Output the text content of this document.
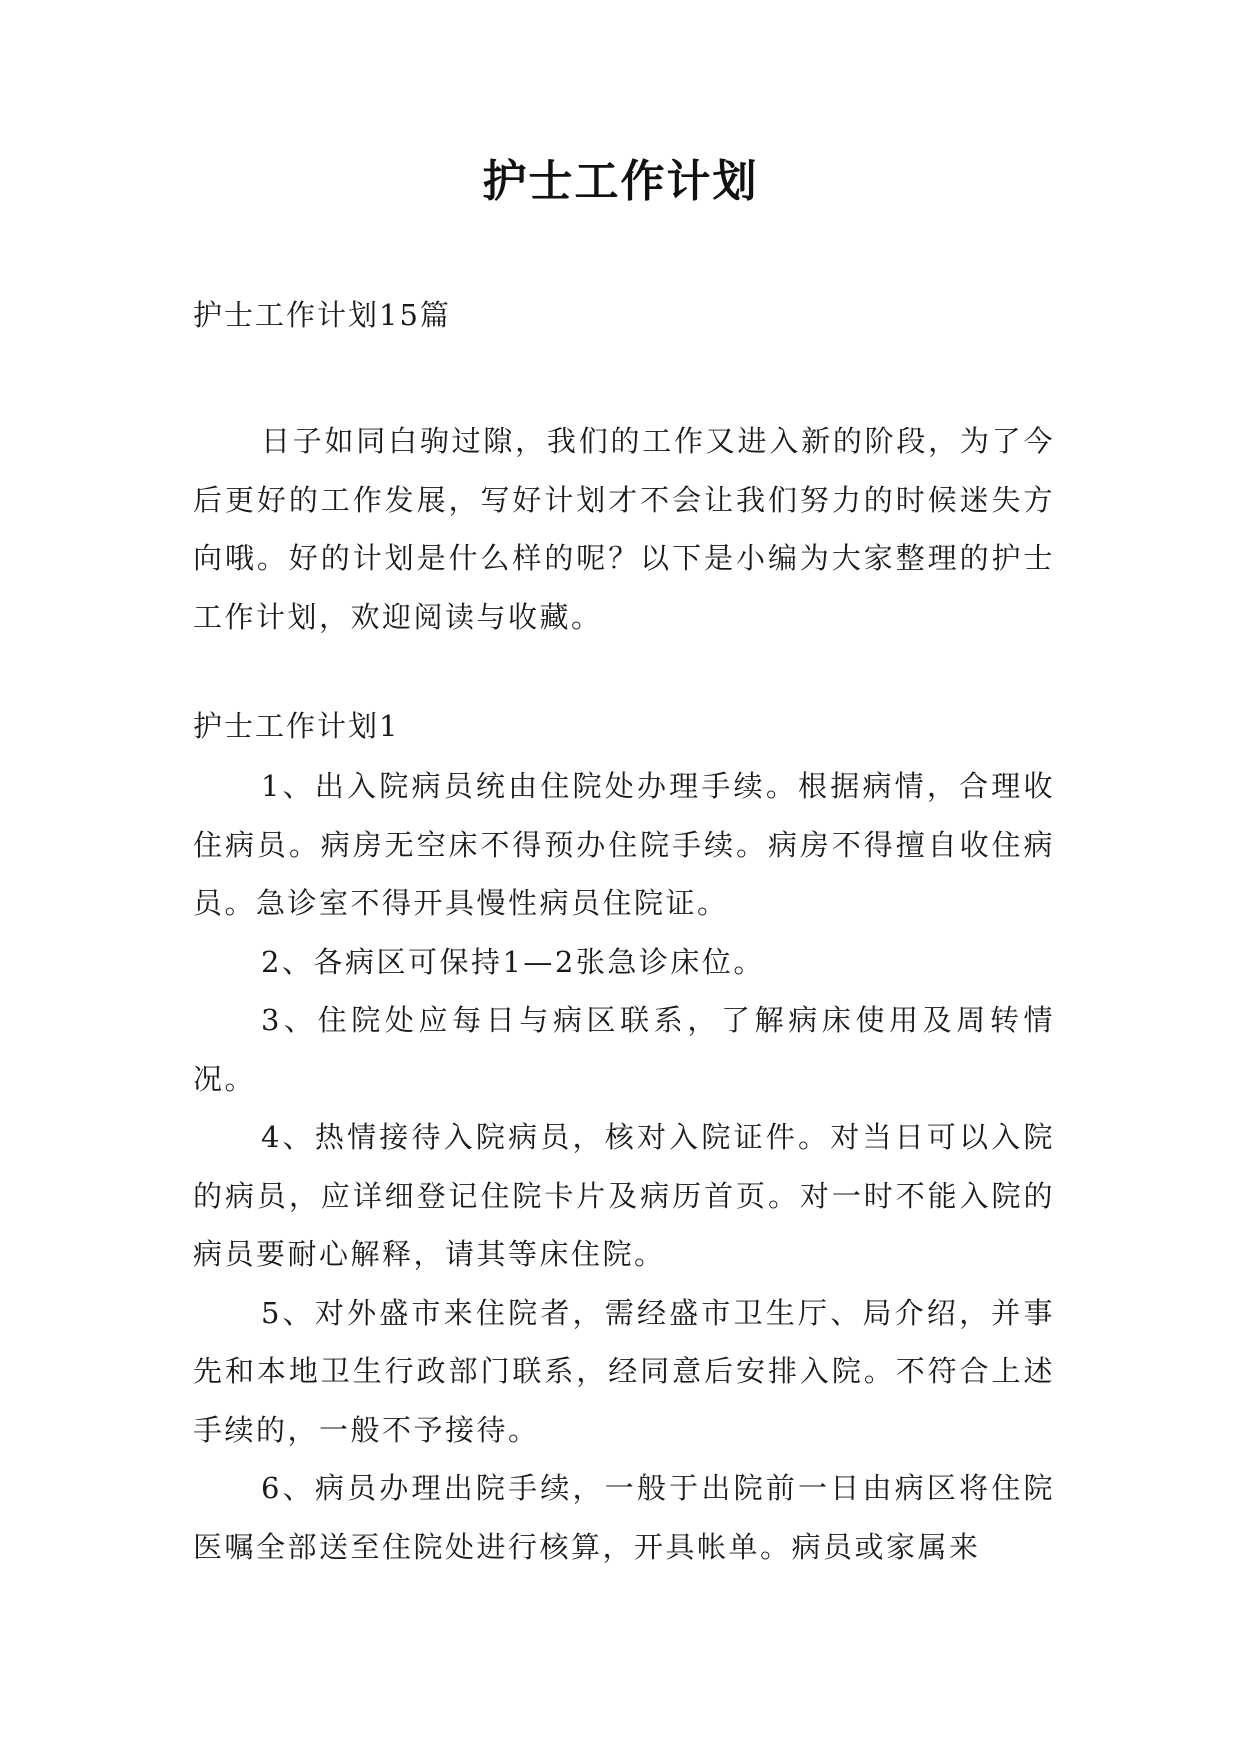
护士工作计划

护士工作计划15篇

日子如同白驹过隙，我们的工作又进入新的阶段，为了今后更好的工作发展，写好计划才不会让我们努力的时候迷失方向哦。好的计划是什么样的呢？以下是小编为大家整理的护士工作计划，欢迎阅读与收藏。

护士工作计划1

1、出入院病员统由住院处办理手续。根据病情，合理收住病员。病房无空床不得预办住院手续。病房不得擅自收住病员。急诊室不得开具慢性病员住院证。

2、各病区可保持1—2张急诊床位。

3、住院处应每日与病区联系，了解病床使用及周转情况。

4、热情接待入院病员，核对入院证件。对当日可以入院的病员，应详细登记住院卡片及病历首页。对一时不能入院的病员要耐心解释，请其等床住院。

5、对外盛市来住院者，需经盛市卫生厅、局介绍，并事先和本地卫生行政部门联系，经同意后安排入院。不符合上述手续的，一般不予接待。

6、病员办理出院手续，一般于出院前一日由病区将住院医嘱全部送至住院处进行核算，开具帐单。病员或家属来
